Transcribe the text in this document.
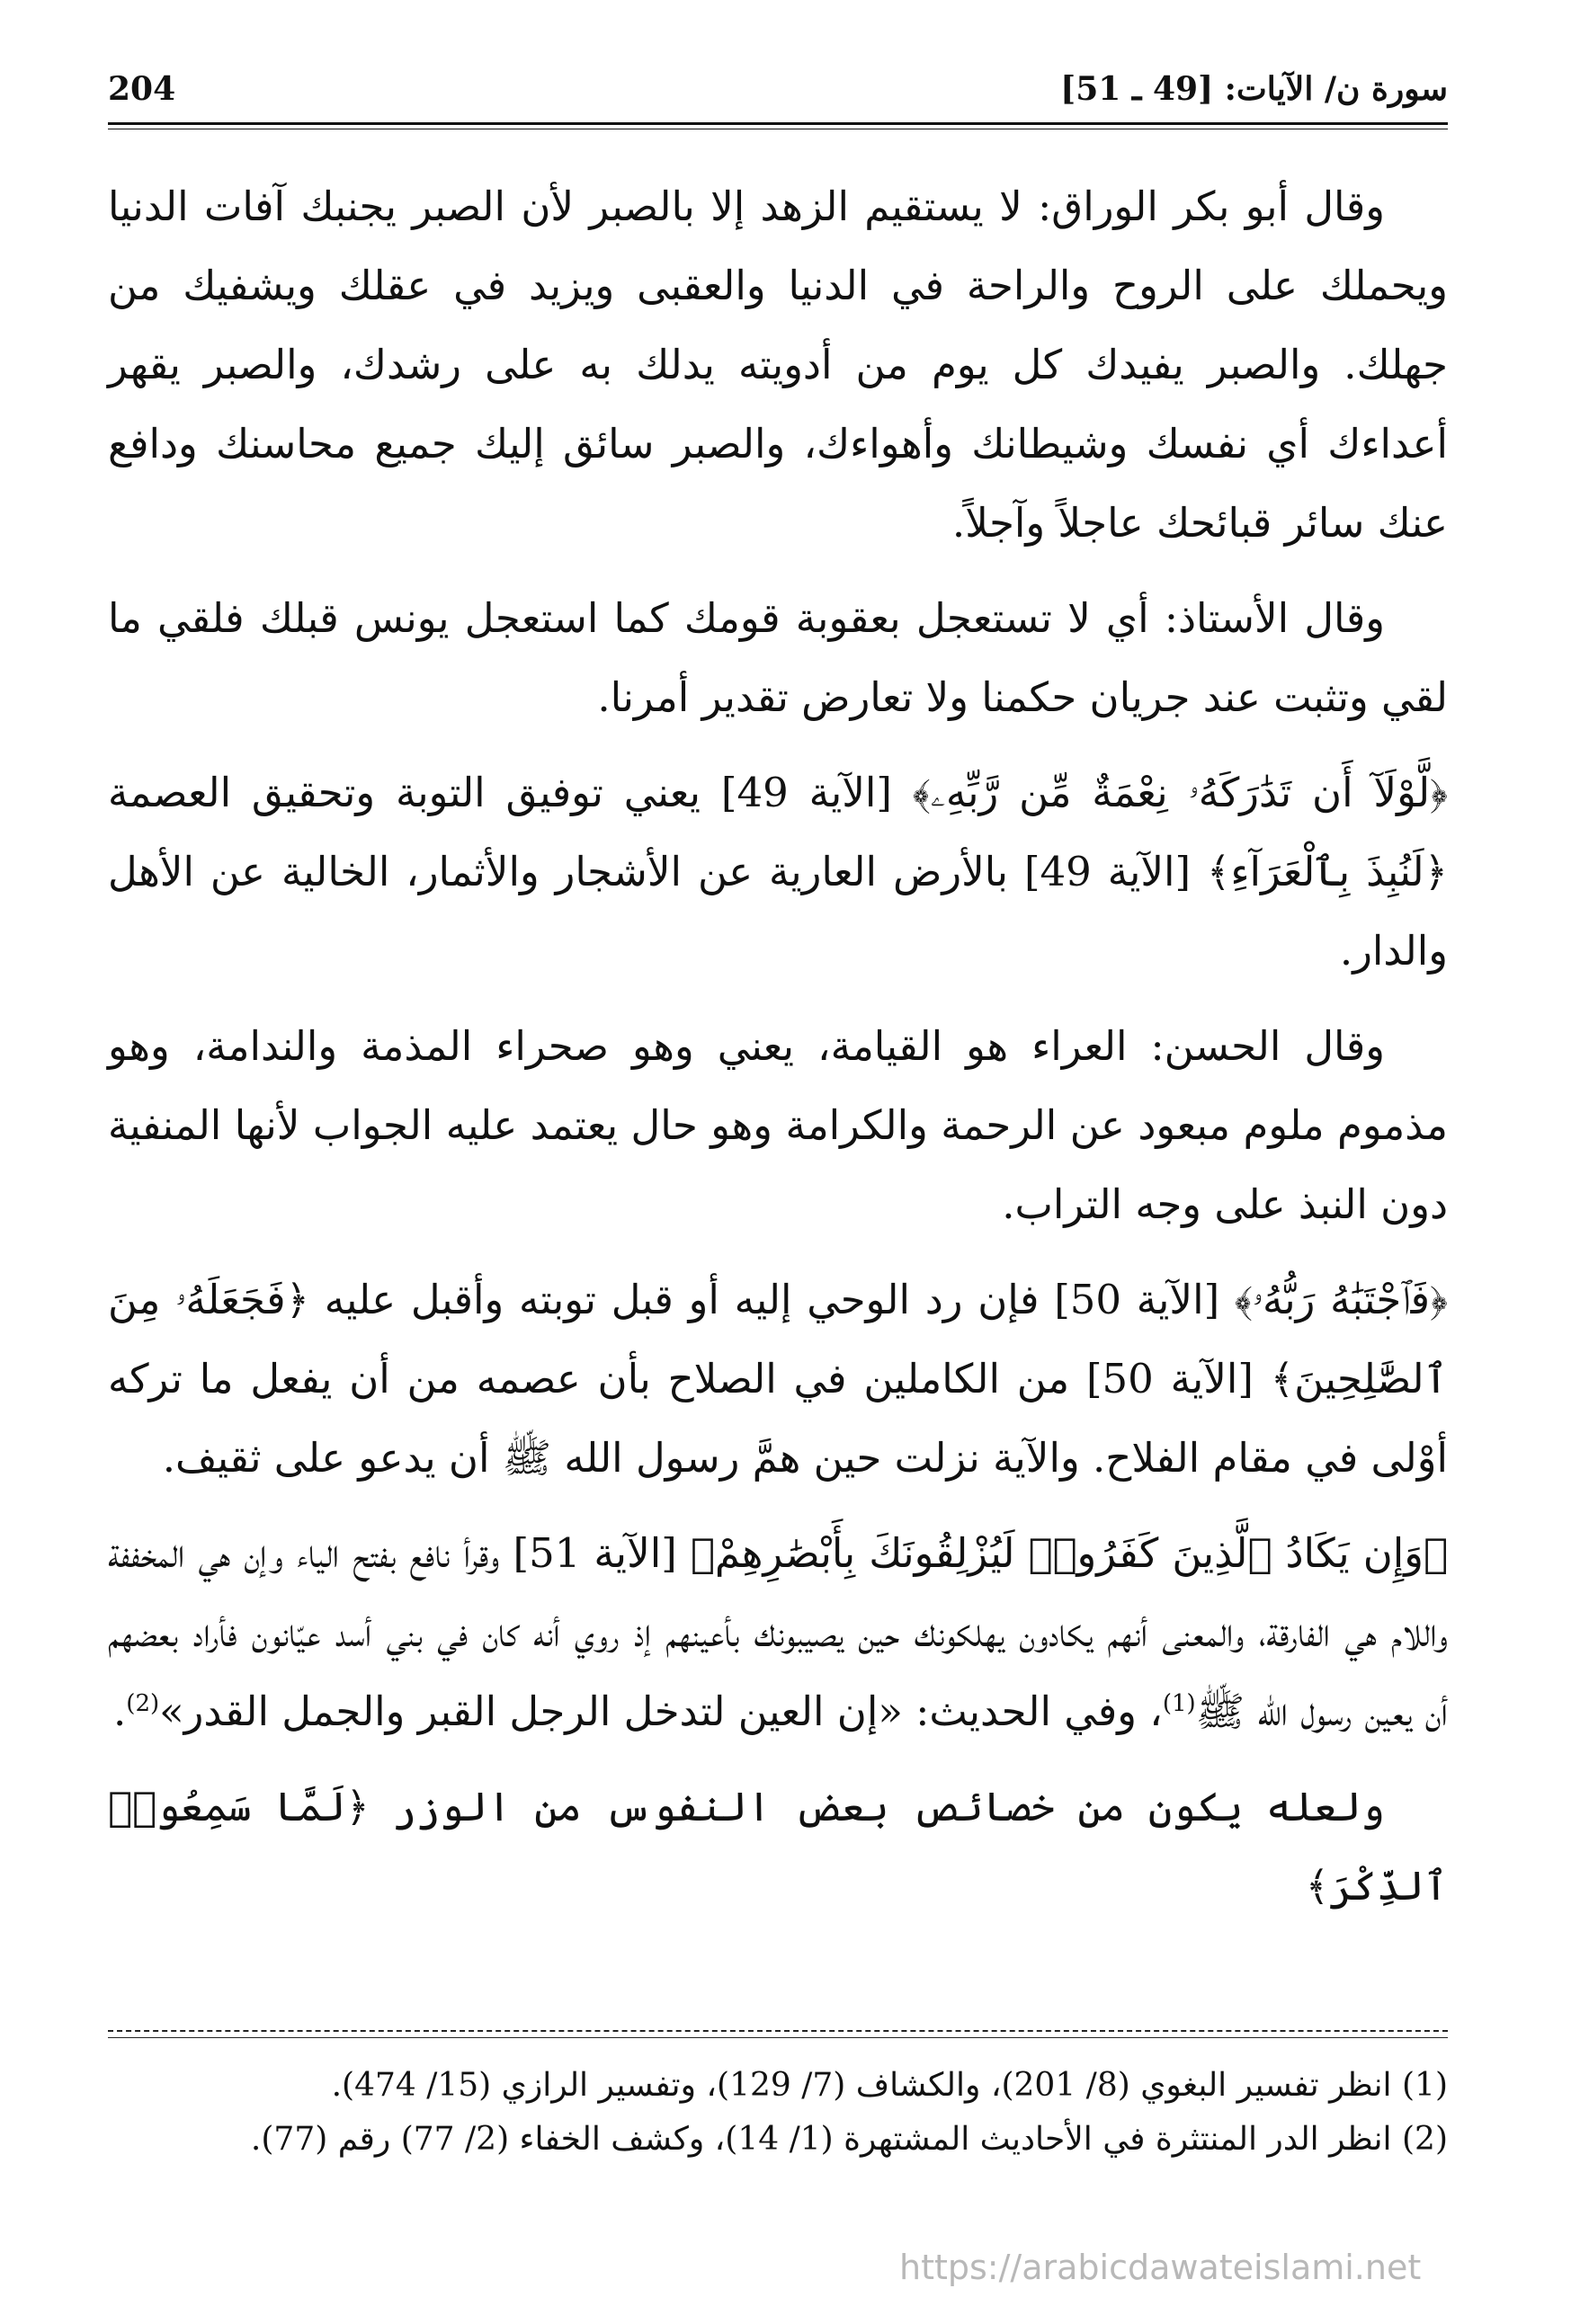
سورة ن/ الآيات: [49 ـ 51]
204

وقال أبو بكر الوراق: لا يستقيم الزهد إلا بالصبر لأن الصبر يجنبك آفات الدنيا ويحملك على الروح والراحة في الدنيا والعقبى ويزيد في عقلك ويشفيك من جهلك. والصبر يفيدك كل يوم من أدويته يدلك به على رشدك، والصبر يقهر أعداءك أي نفسك وشيطانك وأهواءك، والصبر سائق إليك جميع محاسنك ودافع عنك سائر قبائحك عاجلاً وآجلاً.

وقال الأستاذ: أي لا تستعجل بعقوبة قومك كما استعجل يونس قبلك فلقي ما لقي وتثبت عند جريان حكمنا ولا تعارض تقدير أمرنا.

﴿لَّوْلَآ أَن تَدَٰرَكَهُۥ نِعْمَةٌ مِّن رَّبِّهِۦ﴾ [الآية 49] يعني توفيق التوبة وتحقيق العصمة ﴿لَنُبِذَ بِٱلْعَرَآءِ﴾ [الآية 49] بالأرض العارية عن الأشجار والأثمار، الخالية عن الأهل والدار.

وقال الحسن: العراء هو القيامة، يعني وهو صحراء المذمة والندامة، وهو مذموم ملوم مبعود عن الرحمة والكرامة وهو حال يعتمد عليه الجواب لأنها المنفية دون النبذ على وجه التراب.

﴿فَٱجْتَبَٰهُ رَبُّهُۥ﴾ [الآية 50] فإن رد الوحي إليه أو قبل توبته وأقبل عليه ﴿فَجَعَلَهُۥ مِنَ ٱلصَّٰلِحِينَ﴾ [الآية 50] من الكاملين في الصلاح بأن عصمه من أن يفعل ما تركه أوْلى في مقام الفلاح. والآية نزلت حين همَّ رسول الله ﷺ أن يدعو على ثقيف.

﴿وَإِن يَكَادُ ٱلَّذِينَ كَفَرُوا۟ لَيُزْلِقُونَكَ بِأَبْصَٰرِهِمْ﴾ [الآية 51] وقرأ نافع بفتح الياء وإن هي المخففة واللام هي الفارقة، والمعنى أنهم يكادون يهلكونك حين يصيبونك بأعينهم إذ روي أنه كان في بني أسد عيّانون فأراد بعضهم أن يعين رسول الله ﷺ$^{(1)}$، وفي الحديث: «إن العين لتدخل الرجل القبر والجمل القدر»$^{(2)}$.

ولعله يكون من خصائص بعض النفوس من الوزر ﴿لَمَّا سَمِعُوا۟ ٱلذِّكْرَ﴾

(1) انظر تفسير البغوي (8/ 201)، والكشاف (7/ 129)، وتفسير الرازي (15/ 474).
(2) انظر الدر المنتثرة في الأحاديث المشتهرة (1/ 14)، وكشف الخفاء (2/ 77) رقم (77).
https://arabicdawateislami.net
